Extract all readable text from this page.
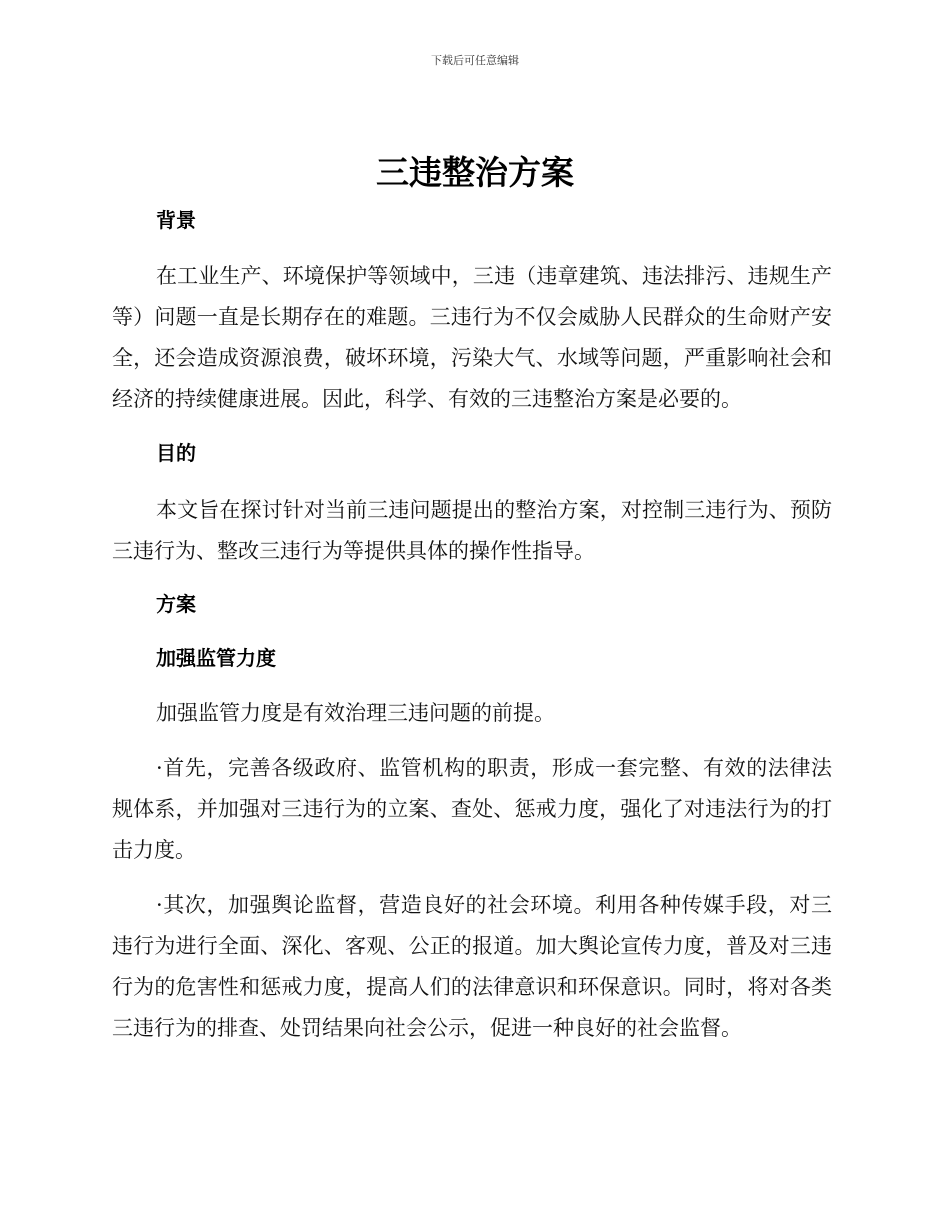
下载后可任意编辑
三违整治方案
背景

在工业生产、环境保护等领域中，三违（违章建筑、违法排污、违规生产等）问题一直是长期存在的难题。三违行为不仅会威胁人民群众的生命财产安全，还会造成资源浪费，破坏环境，污染大气、水域等问题，严重影响社会和经济的持续健康进展。因此，科学、有效的三违整治方案是必要的。

目的

本文旨在探讨针对当前三违问题提出的整治方案，对控制三违行为、预防三违行为、整改三违行为等提供具体的操作性指导。

方案
加强监管力度

加强监管力度是有效治理三违问题的前提。

·首先，完善各级政府、监管机构的职责，形成一套完整、有效的法律法规体系，并加强对三违行为的立案、查处、惩戒力度，强化了对违法行为的打击力度。

·其次，加强舆论监督，营造良好的社会环境。利用各种传媒手段，对三违行为进行全面、深化、客观、公正的报道。加大舆论宣传力度，普及对三违行为的危害性和惩戒力度，提高人们的法律意识和环保意识。同时，将对各类三违行为的排查、处罚结果向社会公示，促进一种良好的社会监督。
